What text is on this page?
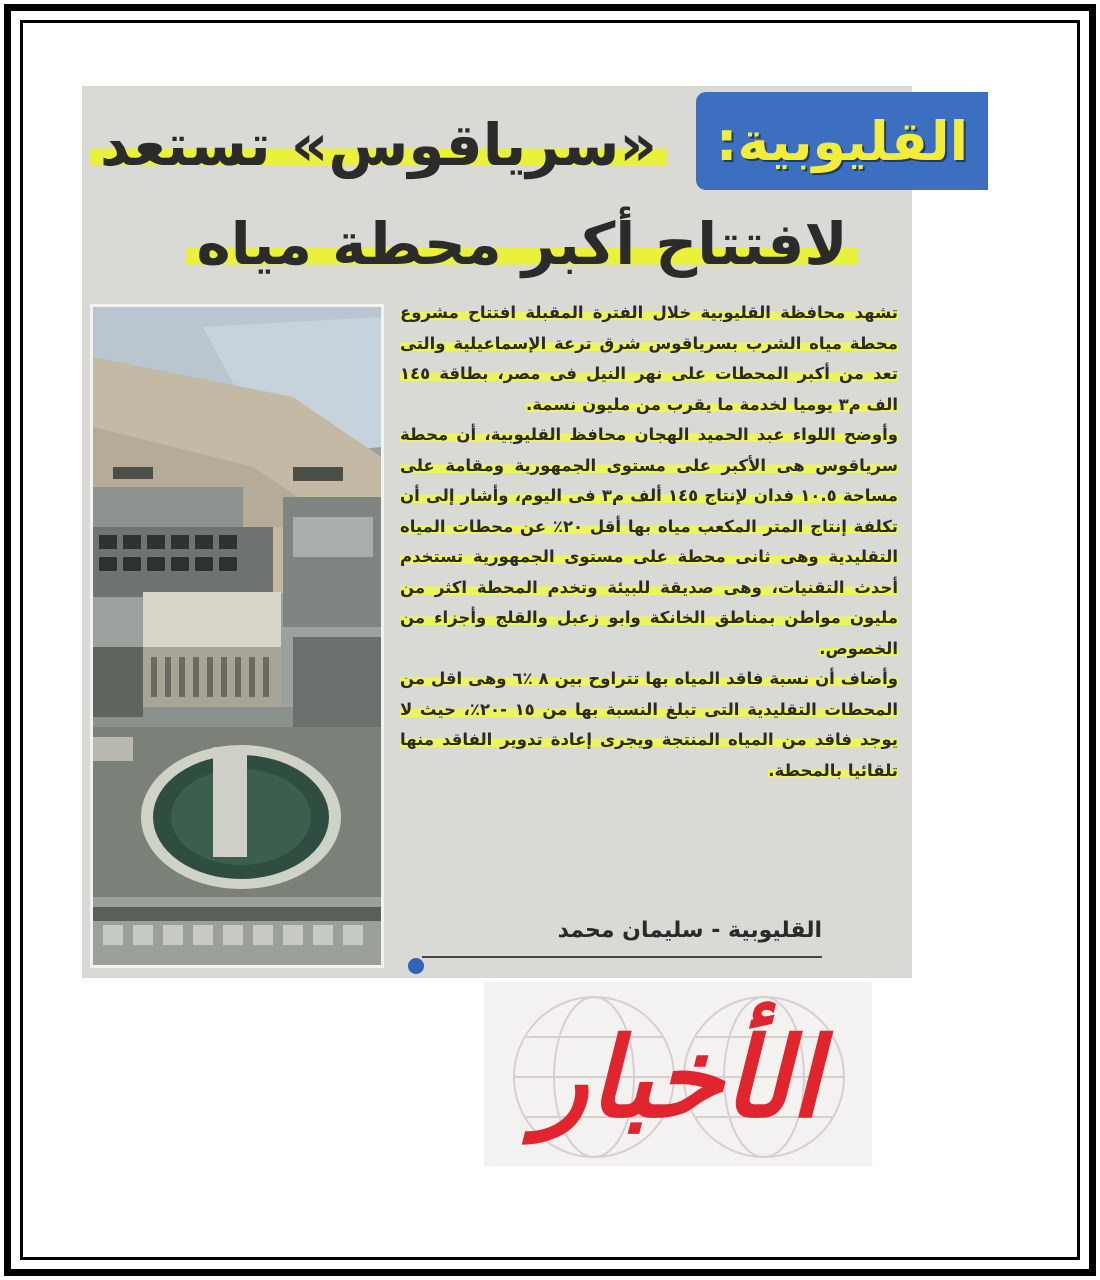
القليوبية:
«سرياقوس» تستعد
لافتتاح أكبر محطة مياه

تشهد محافظة القليوبية خلال الفترة المقبلة افتتاح مشروع محطة مياه الشرب بسرياقوس شرق ترعة الإسماعيلية والتى تعد من أكبر المحطات على نهر النيل فى مصر، بطاقة ١٤٥ الف م٣ يوميا لخدمة ما يقرب من مليون نسمة.

وأوضح اللواء عبد الحميد الهجان محافظ القليوبية، أن محطة سرياقوس هى الأكبر على مستوى الجمهورية ومقامة على مساحة ١٠.٥ فدان لإنتاج ١٤٥ ألف م٣ فى اليوم، وأشار إلى أن تكلفة إنتاج المتر المكعب مياه بها أقل ٢٠٪ عن محطات المياه التقليدية وهى ثانى محطة على مستوى الجمهورية تستخدم أحدث التقنيات، وهى صديقة للبيئة وتخدم المحطة اكثر من مليون مواطن بمناطق الخانكة وابو زعبل والقلج وأجزاء من الخصوص.

وأضاف أن نسبة فاقد المياه بها تتراوح بين ٨ ٪٦ وهى اقل من المحطات التقليدية التى تبلغ النسبة بها من ١٥ -٢٠٪، حيث لا يوجد فاقد من المياه المنتجة ويجرى إعادة تدوير الفاقد منها تلقائيا بالمحطة.

القليوبية - سليمان محمد
الأخبار
